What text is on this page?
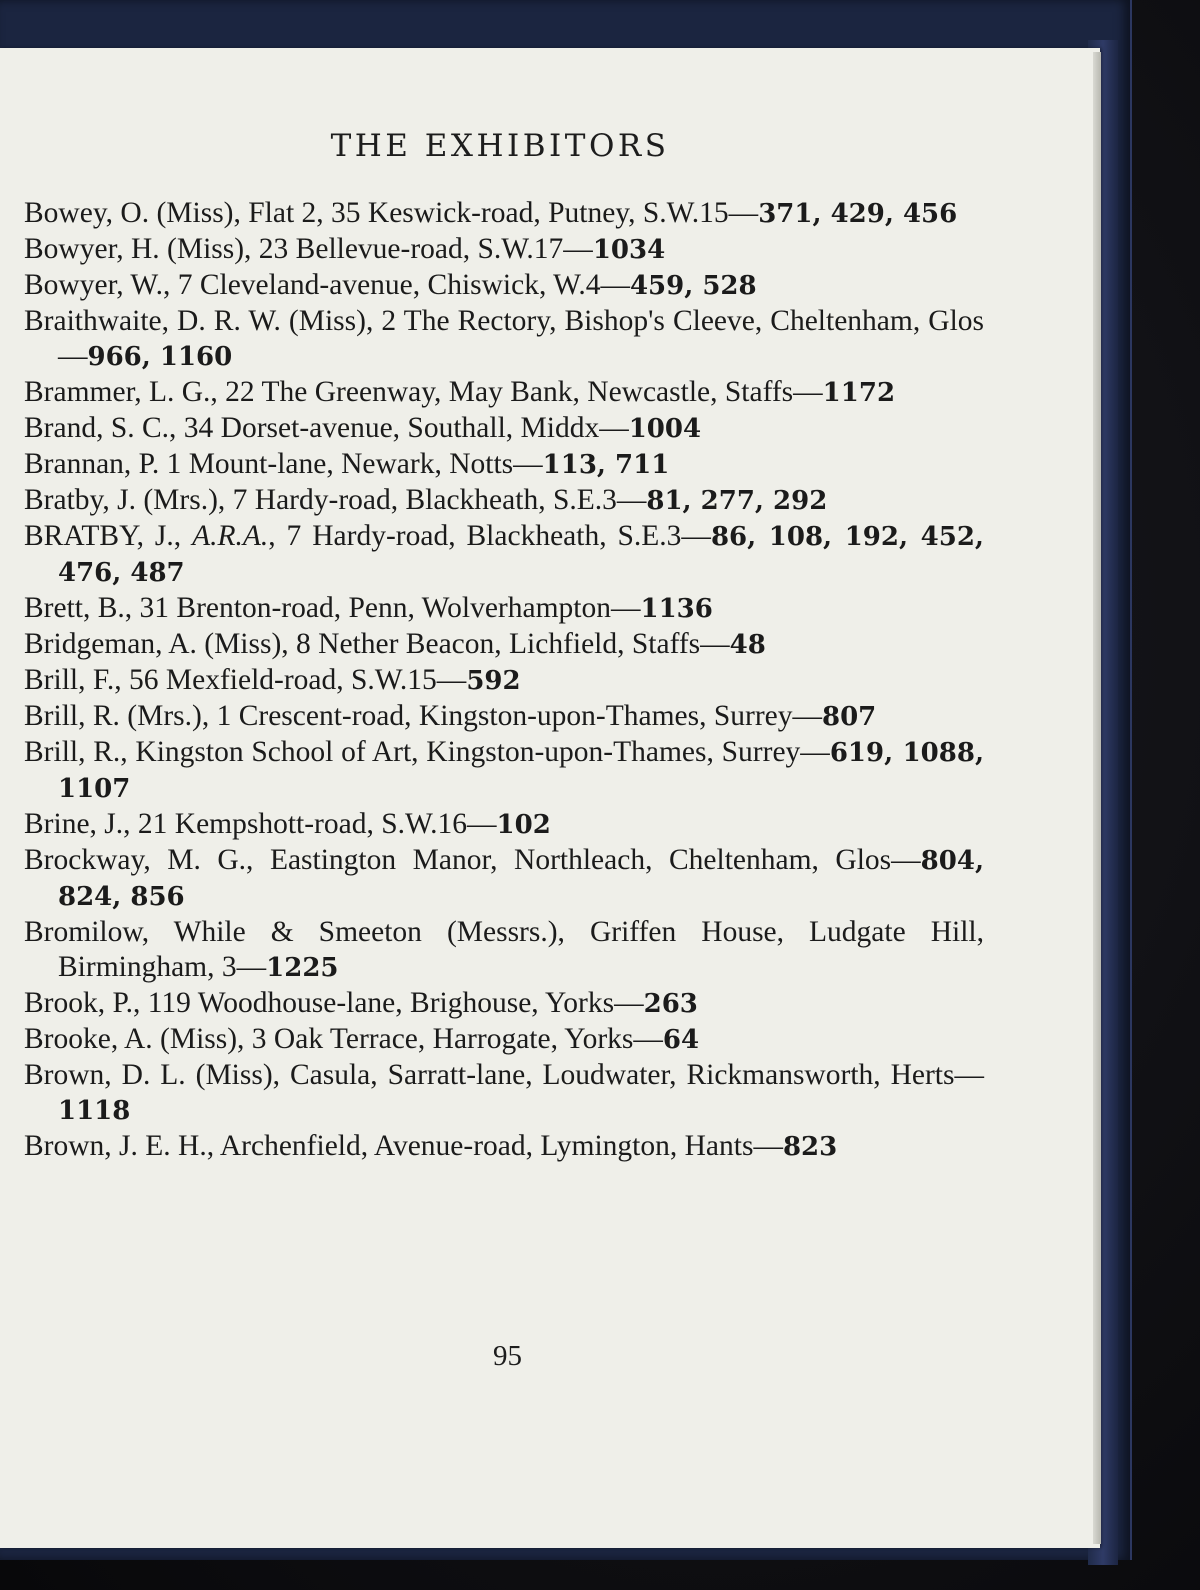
THE EXHIBITORS
Bowey, O. (Miss), Flat 2, 35 Keswick-road, Putney, S.W.15—371, 429, 456
Bowyer, H. (Miss), 23 Bellevue-road, S.W.17—1034
Bowyer, W., 7 Cleveland-avenue, Chiswick, W.4—459, 528
Braithwaite, D. R. W. (Miss), 2 The Rectory, Bishop's Cleeve, Cheltenham, Glos—966, 1160
Brammer, L. G., 22 The Greenway, May Bank, Newcastle, Staffs—1172
Brand, S. C., 34 Dorset-avenue, Southall, Middx—1004
Brannan, P. 1 Mount-lane, Newark, Notts—113, 711
Bratby, J. (Mrs.), 7 Hardy-road, Blackheath, S.E.3—81, 277, 292
BRATBY, J., A.R.A., 7 Hardy-road, Blackheath, S.E.3—86, 108, 192, 452, 476, 487
Brett, B., 31 Brenton-road, Penn, Wolverhampton—1136
Bridgeman, A. (Miss), 8 Nether Beacon, Lichfield, Staffs—48
Brill, F., 56 Mexfield-road, S.W.15—592
Brill, R. (Mrs.), 1 Crescent-road, Kingston-upon-Thames, Surrey—807
Brill, R., Kingston School of Art, Kingston-upon-Thames, Surrey—619, 1088, 1107
Brine, J., 21 Kempshott-road, S.W.16—102
Brockway, M. G., Eastington Manor, Northleach, Cheltenham, Glos—804, 824, 856
Bromilow, While & Smeeton (Messrs.), Griffen House, Ludgate Hill, Birmingham, 3—1225
Brook, P., 119 Woodhouse-lane, Brighouse, Yorks—263
Brooke, A. (Miss), 3 Oak Terrace, Harrogate, Yorks—64
Brown, D. L. (Miss), Casula, Sarratt-lane, Loudwater, Rickmansworth, Herts—1118
Brown, J. E. H., Archenfield, Avenue-road, Lymington, Hants—823
95
